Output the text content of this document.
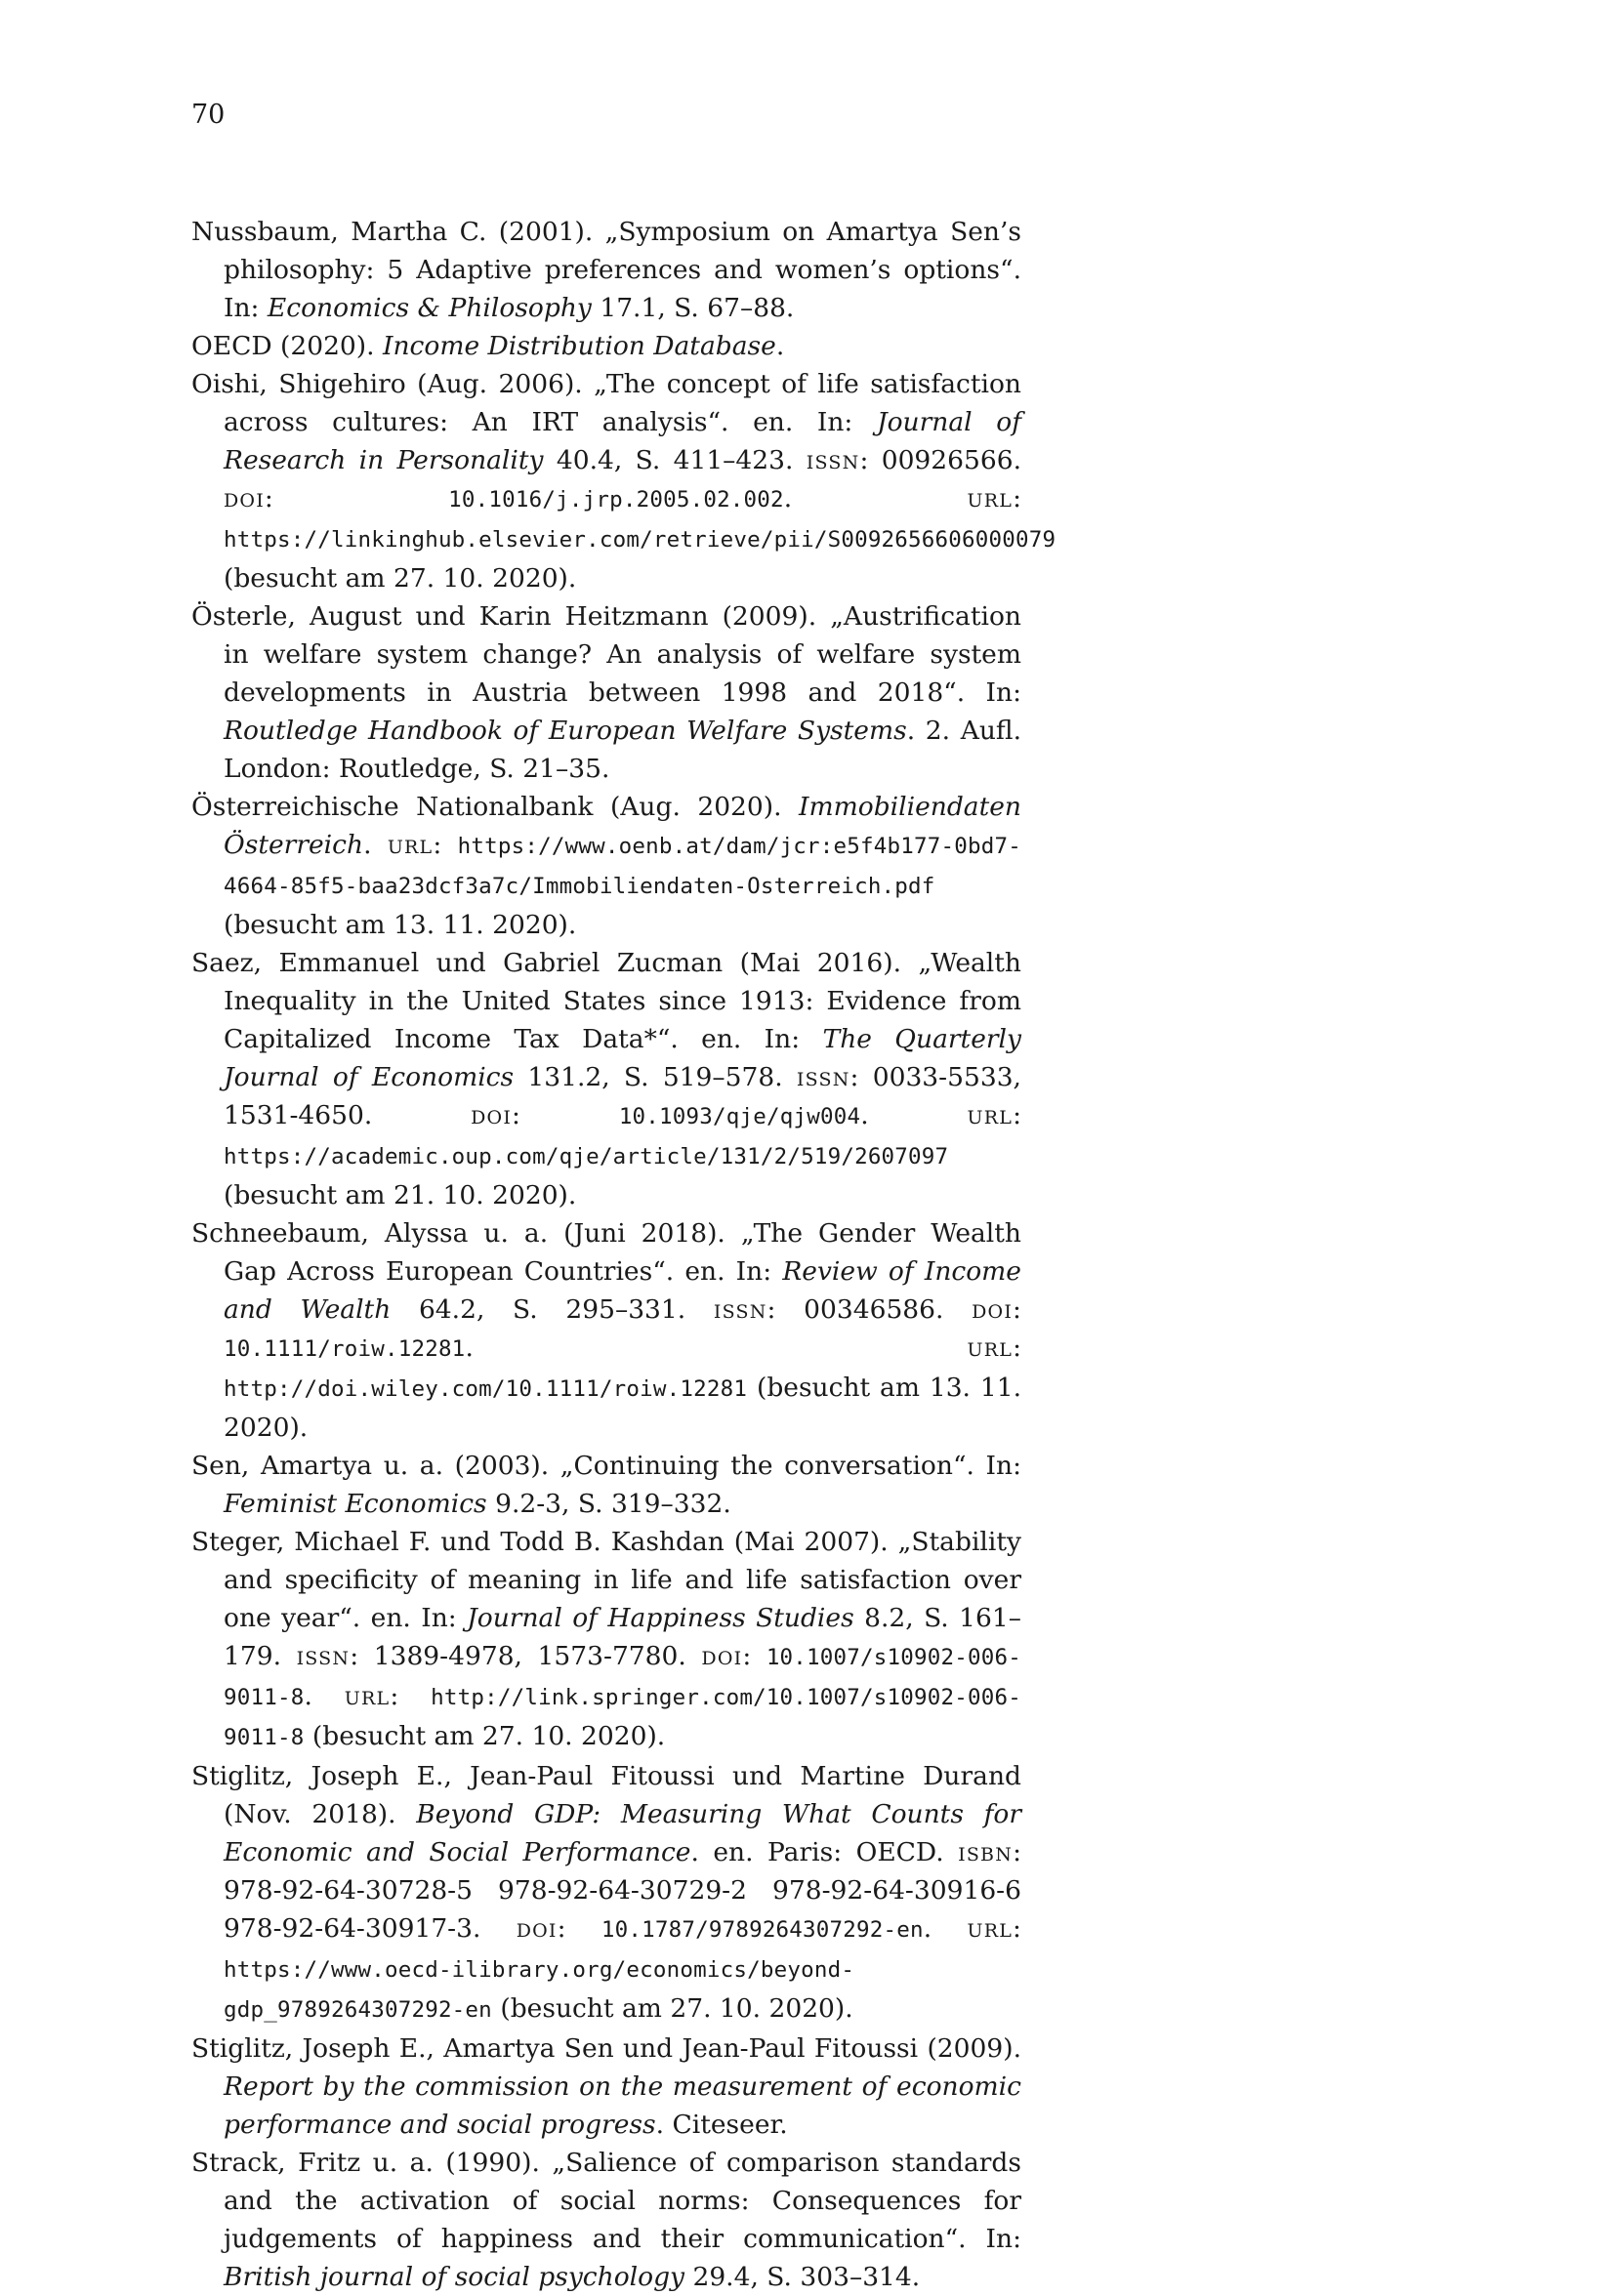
70

Nussbaum, Martha C. (2001). „Symposium on Amartya Sen’s philosophy: 5 Adaptive preferences and women’s options“. In: Economics & Philosophy 17.1, S. 67–88.

OECD (2020). Income Distribution Database.

Oishi, Shigehiro (Aug. 2006). „The concept of life satisfaction across cultures: An IRT analysis“. en. In: Journal of Research in Personality 40.4, S. 411–423. issn: 00926566. doi: 10.1016/j.jrp.2005.02.002. url: https://linkinghub.elsevier.com/retrieve/pii/S0092656606000079 (besucht am 27. 10. 2020).

Österle, August und Karin Heitzmann (2009). „Austrification in welfare system change? An analysis of welfare system developments in Austria between 1998 and 2018“. In: Routledge Handbook of European Welfare Systems. 2. Aufl. London: Routledge, S. 21–35.

Österreichische Nationalbank (Aug. 2020). Immobiliendaten Österreich. url: https://www.oenb.at/dam/jcr:e5f4b177-0bd7-4664-85f5-baa23dcf3a7c/Immobiliendaten-Osterreich.pdf (besucht am 13. 11. 2020).

Saez, Emmanuel und Gabriel Zucman (Mai 2016). „Wealth Inequality in the United States since 1913: Evidence from Capitalized Income Tax Data*“. en. In: The Quarterly Journal of Economics 131.2, S. 519–578. issn: 0033-5533, 1531-4650. doi: 10.1093/qje/qjw004. url: https://academic.oup.com/qje/article/131/2/519/2607097 (besucht am 21. 10. 2020).

Schneebaum, Alyssa u. a. (Juni 2018). „The Gender Wealth Gap Across European Countries“. en. In: Review of Income and Wealth 64.2, S. 295–331. issn: 00346586. doi: 10.1111/roiw.12281. url: http://doi.wiley.com/10.1111/roiw.12281 (besucht am 13. 11. 2020).

Sen, Amartya u. a. (2003). „Continuing the conversation“. In: Feminist Economics 9.2-3, S. 319–332.

Steger, Michael F. und Todd B. Kashdan (Mai 2007). „Stability and specificity of meaning in life and life satisfaction over one year“. en. In: Journal of Happiness Studies 8.2, S. 161–179. issn: 1389-4978, 1573-7780. doi: 10.1007/s10902-006-9011-8. url: http://link.springer.com/10.1007/s10902-006-9011-8 (besucht am 27. 10. 2020).

Stiglitz, Joseph E., Jean-Paul Fitoussi und Martine Durand (Nov. 2018). Beyond GDP: Measuring What Counts for Economic and Social Performance. en. Paris: OECD. isbn: 978-92-64-30728-5 978-92-64-30729-2 978-92-64-30916-6 978-92-64-30917-3. doi: 10.1787/9789264307292-en. url: https://www.oecd-ilibrary.org/economics/beyond-gdp_9789264307292-en (besucht am 27. 10. 2020).

Stiglitz, Joseph E., Amartya Sen und Jean-Paul Fitoussi (2009). Report by the commission on the measurement of economic performance and social progress. Citeseer.

Strack, Fritz u. a. (1990). „Salience of comparison standards and the activation of social norms: Consequences for judgements of happiness and their communication“. In: British journal of social psychology 29.4, S. 303–314.
